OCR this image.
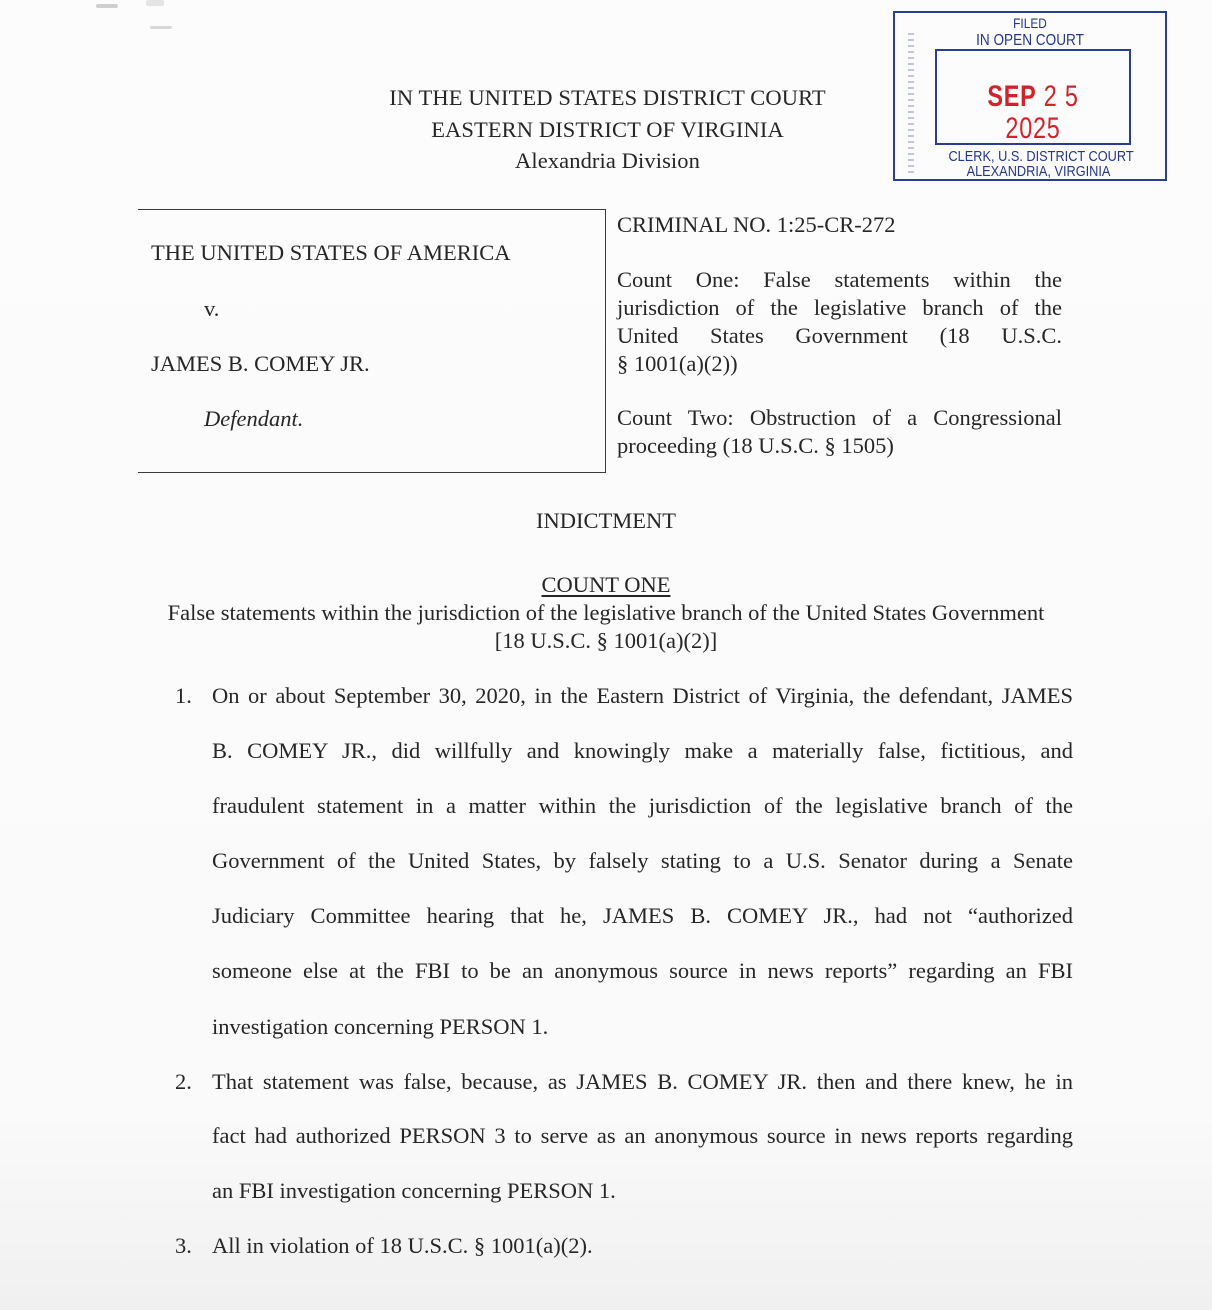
IN THE UNITED STATES DISTRICT COURT
EASTERN DISTRICT OF VIRGINIA
Alexandria Division
FILED
IN OPEN COURT
SEP 2 5 2025
CLERK, U.S. DISTRICT COURT
ALEXANDRIA, VIRGINIA
THE UNITED STATES OF AMERICA
v.
JAMES B. COMEY JR.
Defendant.
CRIMINAL NO. 1:25-CR-272
Count One: False statements within the
jurisdiction of the legislative branch of the
United States Government (18 U.S.C.
§ 1001(a)(2))
Count Two: Obstruction of a Congressional
proceeding (18 U.S.C. § 1505)
INDICTMENT
COUNT ONE
False statements within the jurisdiction of the legislative branch of the United States Government
[18 U.S.C. § 1001(a)(2)]
1. On or about September 30, 2020, in the Eastern District of Virginia, the defendant, JAMES
B. COMEY JR., did willfully and knowingly make a materially false, fictitious, and
fraudulent statement in a matter within the jurisdiction of the legislative branch of the
Government of the United States, by falsely stating to a U.S. Senator during a Senate
Judiciary Committee hearing that he, JAMES B. COMEY JR., had not “authorized
someone else at the FBI to be an anonymous source in news reports” regarding an FBI
investigation concerning PERSON 1.
2. That statement was false, because, as JAMES B. COMEY JR. then and there knew, he in
fact had authorized PERSON 3 to serve as an anonymous source in news reports regarding
an FBI investigation concerning PERSON 1.
3. All in violation of 18 U.S.C. § 1001(a)(2).
